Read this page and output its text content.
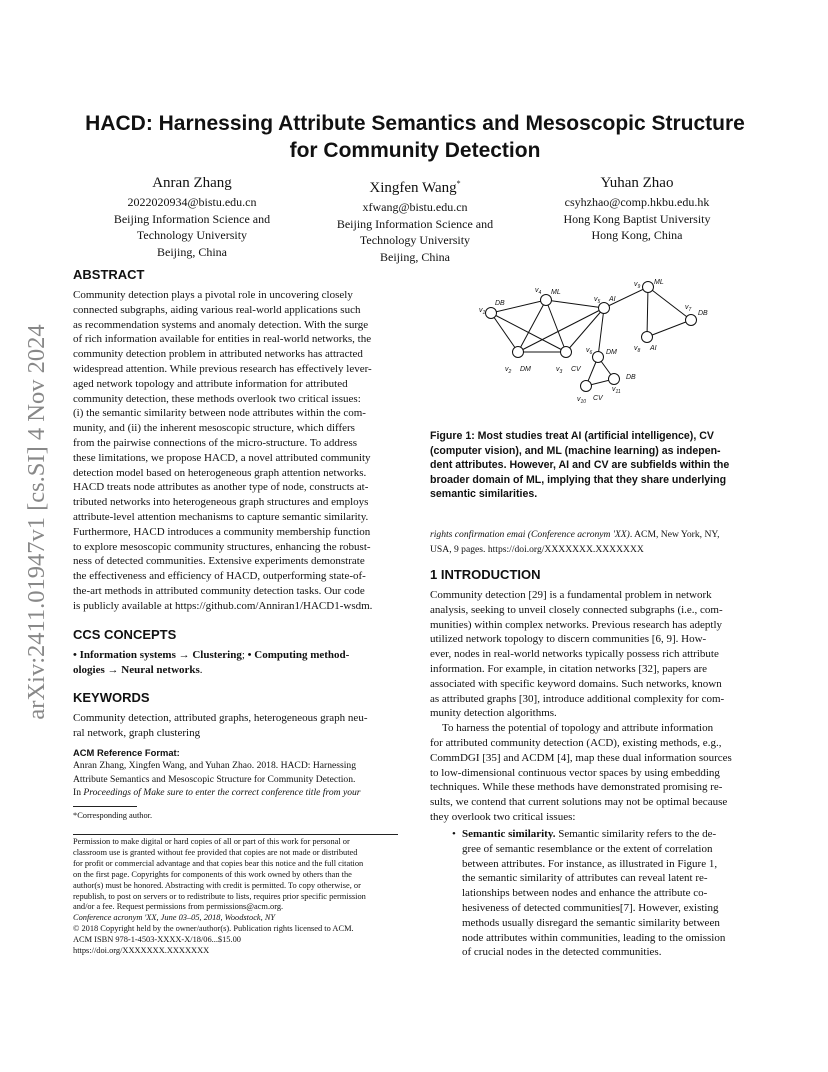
arXiv:2411.01947v1 [cs.SI] 4 Nov 2024
HACD: Harnessing Attribute Semantics and Mesoscopic Structure
for Community Detection
Anran Zhang
2022020934@bistu.edu.cn
Beijing Information Science and
Technology University
Beijing, China
Xingfen Wang*
xfwang@bistu.edu.cn
Beijing Information Science and
Technology University
Beijing, China
Yuhan Zhao
csyhzhao@comp.hkbu.edu.hk
Hong Kong Baptist University
Hong Kong, China
ABSTRACT
Community detection plays a pivotal role in uncovering closely
connected subgraphs, aiding various real-world applications such
as recommendation systems and anomaly detection. With the surge
of rich information available for entities in real-world networks, the
community detection problem in attributed networks has attracted
widespread attention. While previous research has effectively lever-
aged network topology and attribute information for attributed
community detection, these methods overlook two critical issues:
(i) the semantic similarity between node attributes within the com-
munity, and (ii) the inherent mesoscopic structure, which differs
from the pairwise connections of the micro-structure. To address
these limitations, we propose HACD, a novel attributed community
detection model based on heterogeneous graph attention networks.
HACD treats node attributes as another type of node, constructs at-
tributed networks into heterogeneous graph structures and employs
attribute-level attention mechanisms to capture semantic similarity.
Furthermore, HACD introduces a community membership function
to explore mesoscopic community structures, enhancing the robust-
ness of detected communities. Extensive experiments demonstrate
the effectiveness and efficiency of HACD, outperforming state-of-
the-art methods in attributed community detection tasks. Our code
is publicly available at https://github.com/Anniran1/HACD1-wsdm.
CCS CONCEPTS
• Information systems → Clustering; • Computing method-
ologies → Neural networks.
KEYWORDS
Community detection, attributed graphs, heterogeneous graph neu-
ral network, graph clustering
ACM Reference Format:
Anran Zhang, Xingfen Wang, and Yuhan Zhao. 2018. HACD: Harnessing
Attribute Semantics and Mesoscopic Structure for Community Detection.
In Proceedings of Make sure to enter the correct conference title from your
*Corresponding author.
Permission to make digital or hard copies of all or part of this work for personal or
classroom use is granted without fee provided that copies are not made or distributed
for profit or commercial advantage and that copies bear this notice and the full citation
on the first page. Copyrights for components of this work owned by others than the
author(s) must be honored. Abstracting with credit is permitted. To copy otherwise, or
republish, to post on servers or to redistribute to lists, requires prior specific permission
and/or a fee. Request permissions from permissions@acm.org.
Conference acronym 'XX, June 03–05, 2018, Woodstock, NY
© 2018 Copyright held by the owner/author(s). Publication rights licensed to ACM.
ACM ISBN 978-1-4503-XXXX-X/18/06...$15.00
https://doi.org/XXXXXXX.XXXXXXX
$v_1$
DB
$v_2$ DM	$v_3$ CV
$v_4$ ML
$v_5$ AI
$v_6$ DM
$v_7$ DB
$v_8$ AI
$v_9$
ML
$v_{10}$ CV
$v_{11}$
DB
Figure 1: Most studies treat AI (artificial intelligence), CV
(computer vision), and ML (machine learning) as indepen-
dent attributes. However, AI and CV are subfields within the
broader domain of ML, implying that they share underlying
semantic similarities.
rights confirmation emai (Conference acronym 'XX). ACM, New York, NY,
USA, 9 pages. https://doi.org/XXXXXXX.XXXXXXX
1 INTRODUCTION
Community detection [29] is a fundamental problem in network
analysis, seeking to unveil closely connected subgraphs (i.e., com-
munities) within complex networks. Previous research has adeptly
utilized network topology to discern communities [6, 9]. How-
ever, nodes in real-world networks typically possess rich attribute
information. For example, in citation networks [32], papers are
associated with specific keyword domains. Such networks, known
as attributed graphs [30], introduce additional complexity for com-
munity detection algorithms.
To harness the potential of topology and attribute information
for attributed community detection (ACD), existing methods, e.g.,
CommDGI [35] and ACDM [4], map these dual information sources
to low-dimensional continuous vector spaces by using embedding
techniques. While these methods have demonstrated promising re-
sults, we contend that current solutions may not be optimal because
they overlook two critical issues:
• Semantic similarity. Semantic similarity refers to the de-
gree of semantic resemblance or the extent of correlation
between attributes. For instance, as illustrated in Figure 1,
the semantic similarity of attributes can reveal latent re-
lationships between nodes and enhance the attribute co-
hesiveness of detected communities[7]. However, existing
methods usually disregard the semantic similarity between
node attributes within communities, leading to the omission
of crucial nodes in the detected communities.
